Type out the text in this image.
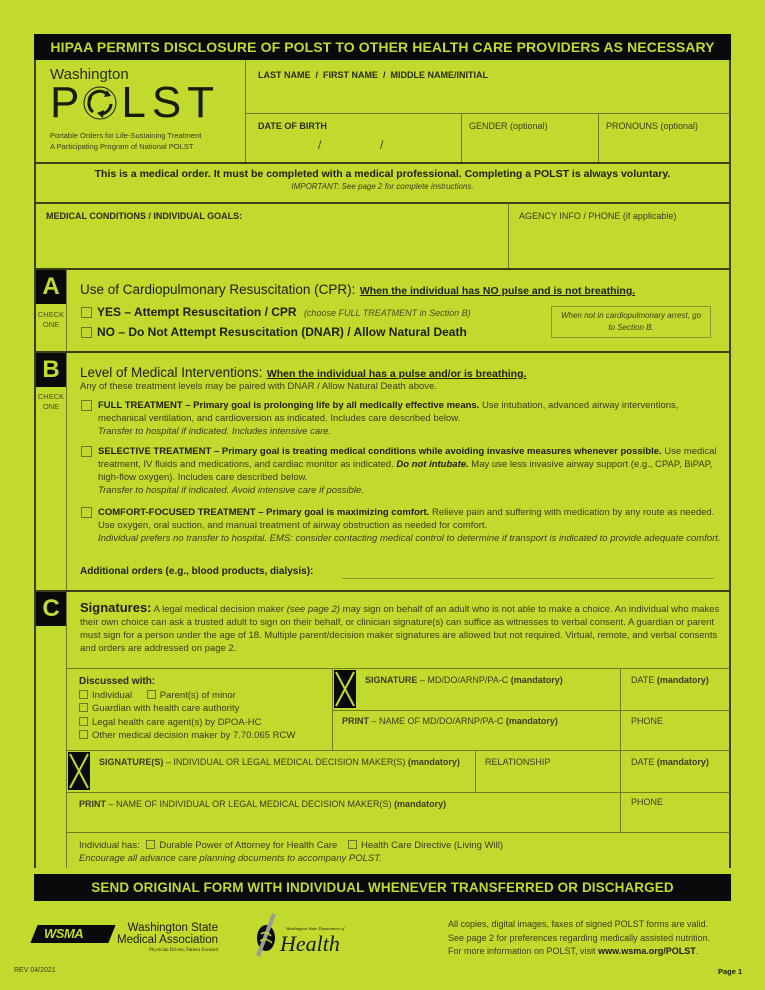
HIPAA PERMITS DISCLOSURE OF POLST TO OTHER HEALTH CARE PROVIDERS AS NECESSARY
Washington
P LST
Portable Orders for Life-Sustaining Treatment
A Participating Program of National POLST
LAST NAME  /  FIRST NAME  /  MIDDLE NAME/INITIAL
DATE OF BIRTH
/	/
GENDER (optional)	PRONOUNS (optional)
This is a medical order. It must be completed with a medical professional. Completing a POLST is always voluntary.
IMPORTANT: See page 2 for complete instructions.
MEDICAL CONDITIONS / INDIVIDUAL GOALS:	AGENCY INFO / PHONE (if applicable)
A
CHECK
ONE
Use of Cardiopulmonary Resuscitation (CPR): When the individual has NO pulse and is not breathing.
YES – Attempt Resuscitation / CPR (choose FULL TREATMENT in Section B)
NO – Do Not Attempt Resuscitation (DNAR) / Allow Natural Death
When not in cardiopulmonary arrest, go to Section B.
B
CHECK
ONE
Level of Medical Interventions: When the individual has a pulse and/or is breathing.
Any of these treatment levels may be paired with DNAR / Allow Natural Death above.
FULL TREATMENT – Primary goal is prolonging life by all medically effective means. Use intubation, advanced airway interventions, mechanical ventilation, and cardioversion as indicated. Includes care described below.
Transfer to hospital if indicated. Includes intensive care.
SELECTIVE TREATMENT – Primary goal is treating medical conditions while avoiding invasive measures whenever possible. Use medical treatment, IV fluids and medications, and cardiac monitor as indicated. Do not intubate. May use less invasive airway support (e.g., CPAP, BiPAP, high-flow oxygen). Includes care described below.
Transfer to hospital if indicated. Avoid intensive care if possible.
COMFORT-FOCUSED TREATMENT – Primary goal is maximizing comfort. Relieve pain and suffering with medication by any route as needed. Use oxygen, oral suction, and manual treatment of airway obstruction as needed for comfort.
Individual prefers no transfer to hospital. EMS: consider contacting medical control to determine if transport is indicated to provide adequate comfort.
Additional orders (e.g., blood products, dialysis):
C	Signatures: A legal medical decision maker (see page 2) may sign on behalf of an adult who is not able to make a choice. An individual who makes their own choice can ask a trusted adult to sign on their behalf, or clinician signature(s) can suffice as witnesses to verbal consent. A guardian or parent must sign for a person under the age of 18. Multiple parent/decision maker signatures are allowed but not required. Virtual, remote, and verbal consents and orders are addressed on page 2.
Discussed with:
Individual	Parent(s) of minor
Guardian with health care authority
Legal health care agent(s) by DPOA-HC
Other medical decision maker by 7.70.065 RCW
SIGNATURE – MD/DO/ARNP/PA-C (mandatory)	DATE (mandatory)
PRINT – NAME OF MD/DO/ARNP/PA-C (mandatory)	PHONE
SIGNATURE(S) – INDIVIDUAL OR LEGAL MEDICAL DECISION MAKER(S) (mandatory)	RELATIONSHIP	DATE (mandatory)
PRINT – NAME OF INDIVIDUAL OR LEGAL MEDICAL DECISION MAKER(S) (mandatory)	PHONE
Individual has: Durable Power of Attorney for Health Care Health Care Directive (Living Will)
Encourage all advance care planning documents to accompany POLST.
SEND ORIGINAL FORM WITH INDIVIDUAL WHENEVER TRANSFERRED OR DISCHARGED
WSMA	Washington State
Medical Association
Physician Driven, Patient Focused
Washington State Department of
Health
All copies, digital images, faxes of signed POLST forms are valid.
See page 2 for preferences regarding medically assisted nutrition.
For more information on POLST, visit www.wsma.org/POLST.
REV 04/2021	Page 1
